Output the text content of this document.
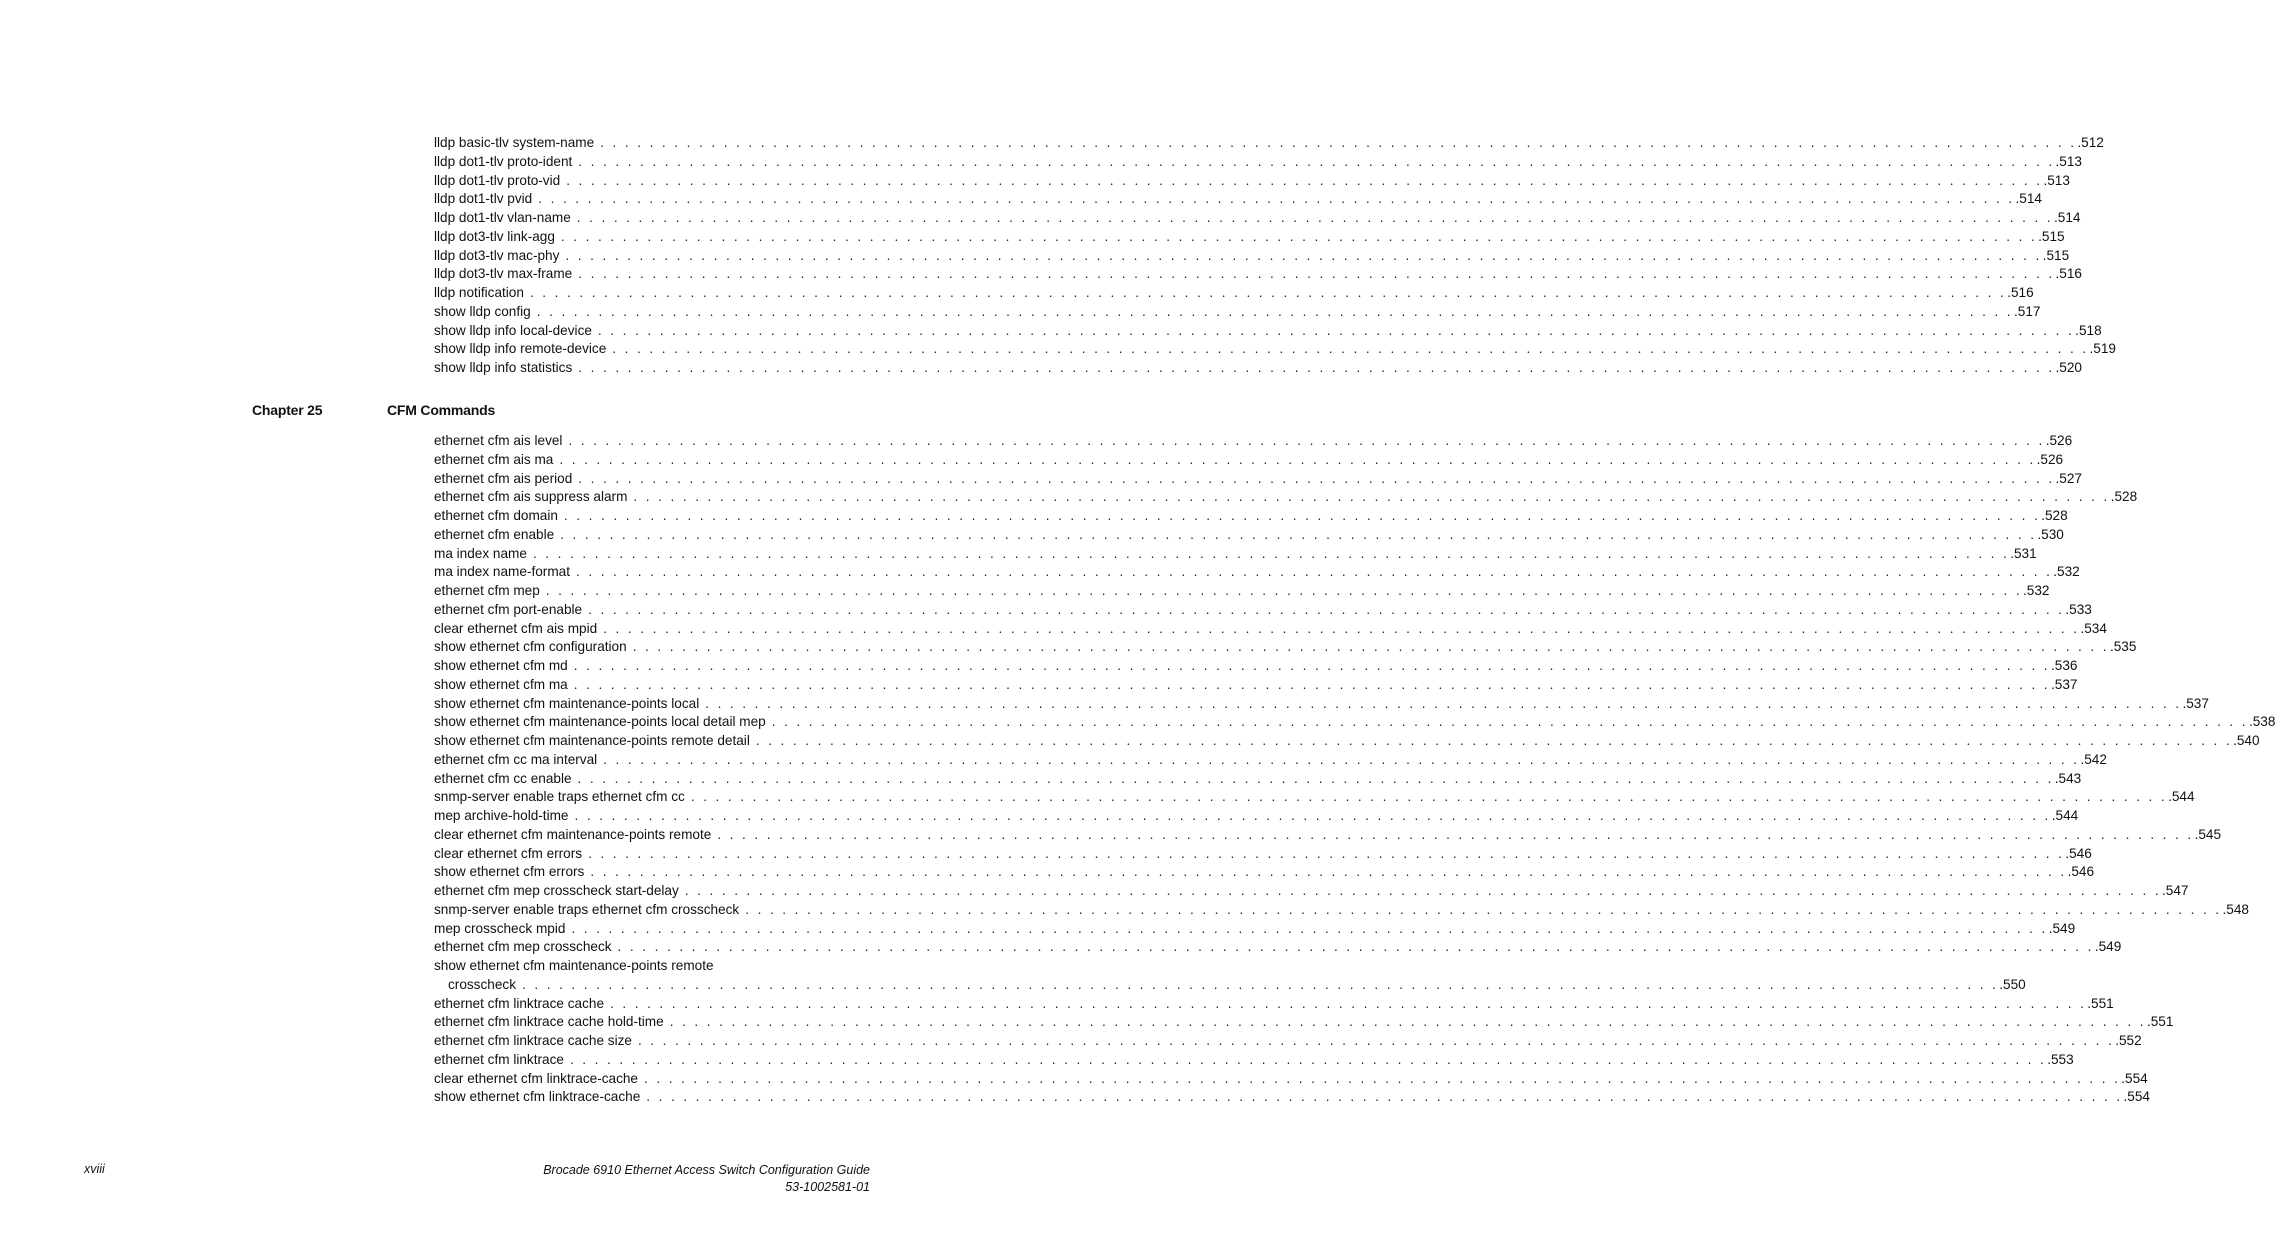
lldp basic-tlv system-name . . . . . . . . . . . . . . . . . . . . . . . . . . . . . . . . . . . . . . . . . . . . . . . . . . . . . . . . . . . . . . . . . . . . . . . . . . . . . . . . . . . . . . . . . . . . . . . . . . . . . . . . . . . . . . . . . . . . . . . . .512
lldp dot1-tlv proto-ident . . . . . . . . . . . . . . . . . . . . . . . . . . . . . . . . . . . . . . . . . . . . . . . . . . . . . . . . . . . . . . . . . . . . . . . . . . . . . . . . . . . . . . . . . . . . . . . . . . . . . . . . . . . . . . . . . . . . . . . . .513
lldp dot1-tlv proto-vid . . . . . . . . . . . . . . . . . . . . . . . . . . . . . . . . . . . . . . . . . . . . . . . . . . . . . . . . . . . . . . . . . . . . . . . . . . . . . . . . . . . . . . . . . . . . . . . . . . . . . . . . . . . . . . . . . . . . . . . . .513
lldp dot1-tlv pvid . . . . . . . . . . . . . . . . . . . . . . . . . . . . . . . . . . . . . . . . . . . . . . . . . . . . . . . . . . . . . . . . . . . . . . . . . . . . . . . . . . . . . . . . . . . . . . . . . . . . . . . . . . . . . . . . . . . . . . . . .514
lldp dot1-tlv vlan-name . . . . . . . . . . . . . . . . . . . . . . . . . . . . . . . . . . . . . . . . . . . . . . . . . . . . . . . . . . . . . . . . . . . . . . . . . . . . . . . . . . . . . . . . . . . . . . . . . . . . . . . . . . . . . . . . . . . . . . . . .514
lldp dot3-tlv link-agg . . . . . . . . . . . . . . . . . . . . . . . . . . . . . . . . . . . . . . . . . . . . . . . . . . . . . . . . . . . . . . . . . . . . . . . . . . . . . . . . . . . . . . . . . . . . . . . . . . . . . . . . . . . . . . . . . . . . . . . . .515
lldp dot3-tlv mac-phy . . . . . . . . . . . . . . . . . . . . . . . . . . . . . . . . . . . . . . . . . . . . . . . . . . . . . . . . . . . . . . . . . . . . . . . . . . . . . . . . . . . . . . . . . . . . . . . . . . . . . . . . . . . . . . . . . . . . . . . . .515
lldp dot3-tlv max-frame . . . . . . . . . . . . . . . . . . . . . . . . . . . . . . . . . . . . . . . . . . . . . . . . . . . . . . . . . . . . . . . . . . . . . . . . . . . . . . . . . . . . . . . . . . . . . . . . . . . . . . . . . . . . . . . . . . . . . . . . .516
lldp notification . . . . . . . . . . . . . . . . . . . . . . . . . . . . . . . . . . . . . . . . . . . . . . . . . . . . . . . . . . . . . . . . . . . . . . . . . . . . . . . . . . . . . . . . . . . . . . . . . . . . . . . . . . . . . . . . . . . . . . . . .516
show lldp config . . . . . . . . . . . . . . . . . . . . . . . . . . . . . . . . . . . . . . . . . . . . . . . . . . . . . . . . . . . . . . . . . . . . . . . . . . . . . . . . . . . . . . . . . . . . . . . . . . . . . . . . . . . . . . . . . . . . . . . . .517
show lldp info local-device . . . . . . . . . . . . . . . . . . . . . . . . . . . . . . . . . . . . . . . . . . . . . . . . . . . . . . . . . . . . . . . . . . . . . . . . . . . . . . . . . . . . . . . . . . . . . . . . . . . . . . . . . . . . . . . . . . . . . . . . .518
show lldp info remote-device . . . . . . . . . . . . . . . . . . . . . . . . . . . . . . . . . . . . . . . . . . . . . . . . . . . . . . . . . . . . . . . . . . . . . . . . . . . . . . . . . . . . . . . . . . . . . . . . . . . . . . . . . . . . . . . . . . . . . . . . .519
show lldp info statistics . . . . . . . . . . . . . . . . . . . . . . . . . . . . . . . . . . . . . . . . . . . . . . . . . . . . . . . . . . . . . . . . . . . . . . . . . . . . . . . . . . . . . . . . . . . . . . . . . . . . . . . . . . . . . . . . . . . . . . . . .520
Chapter 25	CFM Commands
ethernet cfm ais level . . . . . . . . . . . . . . . . . . . . . . . . . . . . . . . . . . . . . . . . . . . . . . . . . . . . . . . . . . . . . . . . . . . . . . . . . . . . . . . . . . . . . . . . . . . . . . . . . . . . . . . . . . . . . . . . . . . . . . . . .526
ethernet cfm ais ma . . . . . . . . . . . . . . . . . . . . . . . . . . . . . . . . . . . . . . . . . . . . . . . . . . . . . . . . . . . . . . . . . . . . . . . . . . . . . . . . . . . . . . . . . . . . . . . . . . . . . . . . . . . . . . . . . . . . . . . . .526
ethernet cfm ais period . . . . . . . . . . . . . . . . . . . . . . . . . . . . . . . . . . . . . . . . . . . . . . . . . . . . . . . . . . . . . . . . . . . . . . . . . . . . . . . . . . . . . . . . . . . . . . . . . . . . . . . . . . . . . . . . . . . . . . . . .527
ethernet cfm ais suppress alarm . . . . . . . . . . . . . . . . . . . . . . . . . . . . . . . . . . . . . . . . . . . . . . . . . . . . . . . . . . . . . . . . . . . . . . . . . . . . . . . . . . . . . . . . . . . . . . . . . . . . . . . . . . . . . . . . . . . . . . . . .528
ethernet cfm domain . . . . . . . . . . . . . . . . . . . . . . . . . . . . . . . . . . . . . . . . . . . . . . . . . . . . . . . . . . . . . . . . . . . . . . . . . . . . . . . . . . . . . . . . . . . . . . . . . . . . . . . . . . . . . . . . . . . . . . . . .528
ethernet cfm enable . . . . . . . . . . . . . . . . . . . . . . . . . . . . . . . . . . . . . . . . . . . . . . . . . . . . . . . . . . . . . . . . . . . . . . . . . . . . . . . . . . . . . . . . . . . . . . . . . . . . . . . . . . . . . . . . . . . . . . . . .530
ma index name . . . . . . . . . . . . . . . . . . . . . . . . . . . . . . . . . . . . . . . . . . . . . . . . . . . . . . . . . . . . . . . . . . . . . . . . . . . . . . . . . . . . . . . . . . . . . . . . . . . . . . . . . . . . . . . . . . . . . . . . .531
ma index name-format . . . . . . . . . . . . . . . . . . . . . . . . . . . . . . . . . . . . . . . . . . . . . . . . . . . . . . . . . . . . . . . . . . . . . . . . . . . . . . . . . . . . . . . . . . . . . . . . . . . . . . . . . . . . . . . . . . . . . . . . .532
ethernet cfm mep . . . . . . . . . . . . . . . . . . . . . . . . . . . . . . . . . . . . . . . . . . . . . . . . . . . . . . . . . . . . . . . . . . . . . . . . . . . . . . . . . . . . . . . . . . . . . . . . . . . . . . . . . . . . . . . . . . . . . . . . .532
ethernet cfm port-enable . . . . . . . . . . . . . . . . . . . . . . . . . . . . . . . . . . . . . . . . . . . . . . . . . . . . . . . . . . . . . . . . . . . . . . . . . . . . . . . . . . . . . . . . . . . . . . . . . . . . . . . . . . . . . . . . . . . . . . . . .533
clear ethernet cfm ais mpid . . . . . . . . . . . . . . . . . . . . . . . . . . . . . . . . . . . . . . . . . . . . . . . . . . . . . . . . . . . . . . . . . . . . . . . . . . . . . . . . . . . . . . . . . . . . . . . . . . . . . . . . . . . . . . . . . . . . . . . . .534
show ethernet cfm configuration . . . . . . . . . . . . . . . . . . . . . . . . . . . . . . . . . . . . . . . . . . . . . . . . . . . . . . . . . . . . . . . . . . . . . . . . . . . . . . . . . . . . . . . . . . . . . . . . . . . . . . . . . . . . . . . . . . . . . . . . .535
show ethernet cfm md . . . . . . . . . . . . . . . . . . . . . . . . . . . . . . . . . . . . . . . . . . . . . . . . . . . . . . . . . . . . . . . . . . . . . . . . . . . . . . . . . . . . . . . . . . . . . . . . . . . . . . . . . . . . . . . . . . . . . . . . .536
show ethernet cfm ma . . . . . . . . . . . . . . . . . . . . . . . . . . . . . . . . . . . . . . . . . . . . . . . . . . . . . . . . . . . . . . . . . . . . . . . . . . . . . . . . . . . . . . . . . . . . . . . . . . . . . . . . . . . . . . . . . . . . . . . . .537
show ethernet cfm maintenance-points local . . . . . . . . . . . . . . . . . . . . . . . . . . . . . . . . . . . . . . . . . . . . . . . . . . . . . . . . . . . . . . . . . . . . . . . . . . . . . . . . . . . . . . . . . . . . . . . . . . . . . . . . . . . . . . . . . . . . . . . . .537
show ethernet cfm maintenance-points local detail mep . . . . . . . . . . . . . . . . . . . . . . . . . . . . . . . . . . . . . . . . . . . . . . . . . . . . . . . . . . . . . . . . . . . . . . . . . . . . . . . . . . . . . . . . . . . . . . . . . . . . . . . . . . . . . . . . . . . . . . . . .538
show ethernet cfm maintenance-points remote detail . . . . . . . . . . . . . . . . . . . . . . . . . . . . . . . . . . . . . . . . . . . . . . . . . . . . . . . . . . . . . . . . . . . . . . . . . . . . . . . . . . . . . . . . . . . . . . . . . . . . . . . . . . . . . . . . . . . . . . . . .540
ethernet cfm cc ma interval . . . . . . . . . . . . . . . . . . . . . . . . . . . . . . . . . . . . . . . . . . . . . . . . . . . . . . . . . . . . . . . . . . . . . . . . . . . . . . . . . . . . . . . . . . . . . . . . . . . . . . . . . . . . . . . . . . . . . . . . .542
ethernet cfm cc enable . . . . . . . . . . . . . . . . . . . . . . . . . . . . . . . . . . . . . . . . . . . . . . . . . . . . . . . . . . . . . . . . . . . . . . . . . . . . . . . . . . . . . . . . . . . . . . . . . . . . . . . . . . . . . . . . . . . . . . . . .543
snmp-server enable traps ethernet cfm cc . . . . . . . . . . . . . . . . . . . . . . . . . . . . . . . . . . . . . . . . . . . . . . . . . . . . . . . . . . . . . . . . . . . . . . . . . . . . . . . . . . . . . . . . . . . . . . . . . . . . . . . . . . . . . . . . . . . . . . . . .544
mep archive-hold-time . . . . . . . . . . . . . . . . . . . . . . . . . . . . . . . . . . . . . . . . . . . . . . . . . . . . . . . . . . . . . . . . . . . . . . . . . . . . . . . . . . . . . . . . . . . . . . . . . . . . . . . . . . . . . . . . . . . . . . . . .544
clear ethernet cfm maintenance-points remote . . . . . . . . . . . . . . . . . . . . . . . . . . . . . . . . . . . . . . . . . . . . . . . . . . . . . . . . . . . . . . . . . . . . . . . . . . . . . . . . . . . . . . . . . . . . . . . . . . . . . . . . . . . . . . . . . . . . . . . . .545
clear ethernet cfm errors . . . . . . . . . . . . . . . . . . . . . . . . . . . . . . . . . . . . . . . . . . . . . . . . . . . . . . . . . . . . . . . . . . . . . . . . . . . . . . . . . . . . . . . . . . . . . . . . . . . . . . . . . . . . . . . . . . . . . . . . .546
show ethernet cfm errors . . . . . . . . . . . . . . . . . . . . . . . . . . . . . . . . . . . . . . . . . . . . . . . . . . . . . . . . . . . . . . . . . . . . . . . . . . . . . . . . . . . . . . . . . . . . . . . . . . . . . . . . . . . . . . . . . . . . . . . . .546
ethernet cfm mep crosscheck start-delay . . . . . . . . . . . . . . . . . . . . . . . . . . . . . . . . . . . . . . . . . . . . . . . . . . . . . . . . . . . . . . . . . . . . . . . . . . . . . . . . . . . . . . . . . . . . . . . . . . . . . . . . . . . . . . . . . . . . . . . . .547
snmp-server enable traps ethernet cfm crosscheck . . . . . . . . . . . . . . . . . . . . . . . . . . . . . . . . . . . . . . . . . . . . . . . . . . . . . . . . . . . . . . . . . . . . . . . . . . . . . . . . . . . . . . . . . . . . . . . . . . . . . . . . . . . . . . . . . . . . . . . . .548
mep crosscheck mpid . . . . . . . . . . . . . . . . . . . . . . . . . . . . . . . . . . . . . . . . . . . . . . . . . . . . . . . . . . . . . . . . . . . . . . . . . . . . . . . . . . . . . . . . . . . . . . . . . . . . . . . . . . . . . . . . . . . . . . . . .549
ethernet cfm mep crosscheck . . . . . . . . . . . . . . . . . . . . . . . . . . . . . . . . . . . . . . . . . . . . . . . . . . . . . . . . . . . . . . . . . . . . . . . . . . . . . . . . . . . . . . . . . . . . . . . . . . . . . . . . . . . . . . . . . . . . . . . . .549
show ethernet cfm maintenance-points remote
crosscheck . . . . . . . . . . . . . . . . . . . . . . . . . . . . . . . . . . . . . . . . . . . . . . . . . . . . . . . . . . . . . . . . . . . . . . . . . . . . . . . . . . . . . . . . . . . . . . . . . . . . . . . . . . . . . . . . . . . . . . . . .550
ethernet cfm linktrace cache . . . . . . . . . . . . . . . . . . . . . . . . . . . . . . . . . . . . . . . . . . . . . . . . . . . . . . . . . . . . . . . . . . . . . . . . . . . . . . . . . . . . . . . . . . . . . . . . . . . . . . . . . . . . . . . . . . . . . . . . .551
ethernet cfm linktrace cache hold-time . . . . . . . . . . . . . . . . . . . . . . . . . . . . . . . . . . . . . . . . . . . . . . . . . . . . . . . . . . . . . . . . . . . . . . . . . . . . . . . . . . . . . . . . . . . . . . . . . . . . . . . . . . . . . . . . . . . . . . . . .551
ethernet cfm linktrace cache size . . . . . . . . . . . . . . . . . . . . . . . . . . . . . . . . . . . . . . . . . . . . . . . . . . . . . . . . . . . . . . . . . . . . . . . . . . . . . . . . . . . . . . . . . . . . . . . . . . . . . . . . . . . . . . . . . . . . . . . . .552
ethernet cfm linktrace . . . . . . . . . . . . . . . . . . . . . . . . . . . . . . . . . . . . . . . . . . . . . . . . . . . . . . . . . . . . . . . . . . . . . . . . . . . . . . . . . . . . . . . . . . . . . . . . . . . . . . . . . . . . . . . . . . . . . . . . .553
clear ethernet cfm linktrace-cache . . . . . . . . . . . . . . . . . . . . . . . . . . . . . . . . . . . . . . . . . . . . . . . . . . . . . . . . . . . . . . . . . . . . . . . . . . . . . . . . . . . . . . . . . . . . . . . . . . . . . . . . . . . . . . . . . . . . . . . . .554
show ethernet cfm linktrace-cache . . . . . . . . . . . . . . . . . . . . . . . . . . . . . . . . . . . . . . . . . . . . . . . . . . . . . . . . . . . . . . . . . . . . . . . . . . . . . . . . . . . . . . . . . . . . . . . . . . . . . . . . . . . . . . . . . . . . . . . . .554
xviii	Brocade 6910 Ethernet Access Switch Configuration Guide
53-1002581-01
